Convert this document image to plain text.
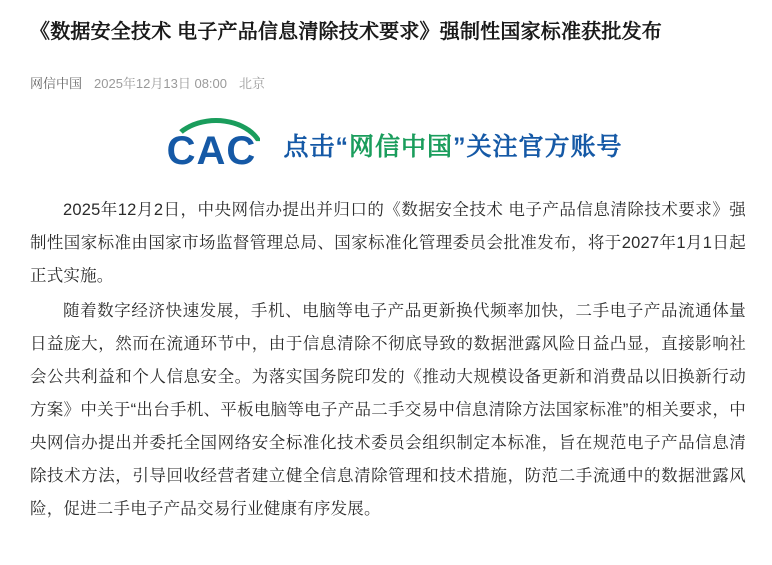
《数据安全技术 电子产品信息清除技术要求》强制性国家标准获批发布
网信中国 2025年12月13日 08:00 北京
CAC	点击“网信中国”关注官方账号

2025年12月2日，中央网信办提出并归口的《数据安全技术 电子产品信息清除技术要求》强制性国家标准由国家市场监督管理总局、国家标准化管理委员会批准发布，将于2027年1月1日起正式实施。

随着数字经济快速发展，手机、电脑等电子产品更新换代频率加快，二手电子产品流通体量日益庞大，然而在流通环节中，由于信息清除不彻底导致的数据泄露风险日益凸显，直接影响社会公共利益和个人信息安全。为落实国务院印发的《推动大规模设备更新和消费品以旧换新行动方案》中关于“出台手机、平板电脑等电子产品二手交易中信息清除方法国家标准”的相关要求，中央网信办提出并委托全国网络安全标准化技术委员会组织制定本标准，旨在规范电子产品信息清除技术方法，引导回收经营者建立健全信息清除管理和技术措施，防范二手流通中的数据泄露风险，促进二手电子产品交易行业健康有序发展。
